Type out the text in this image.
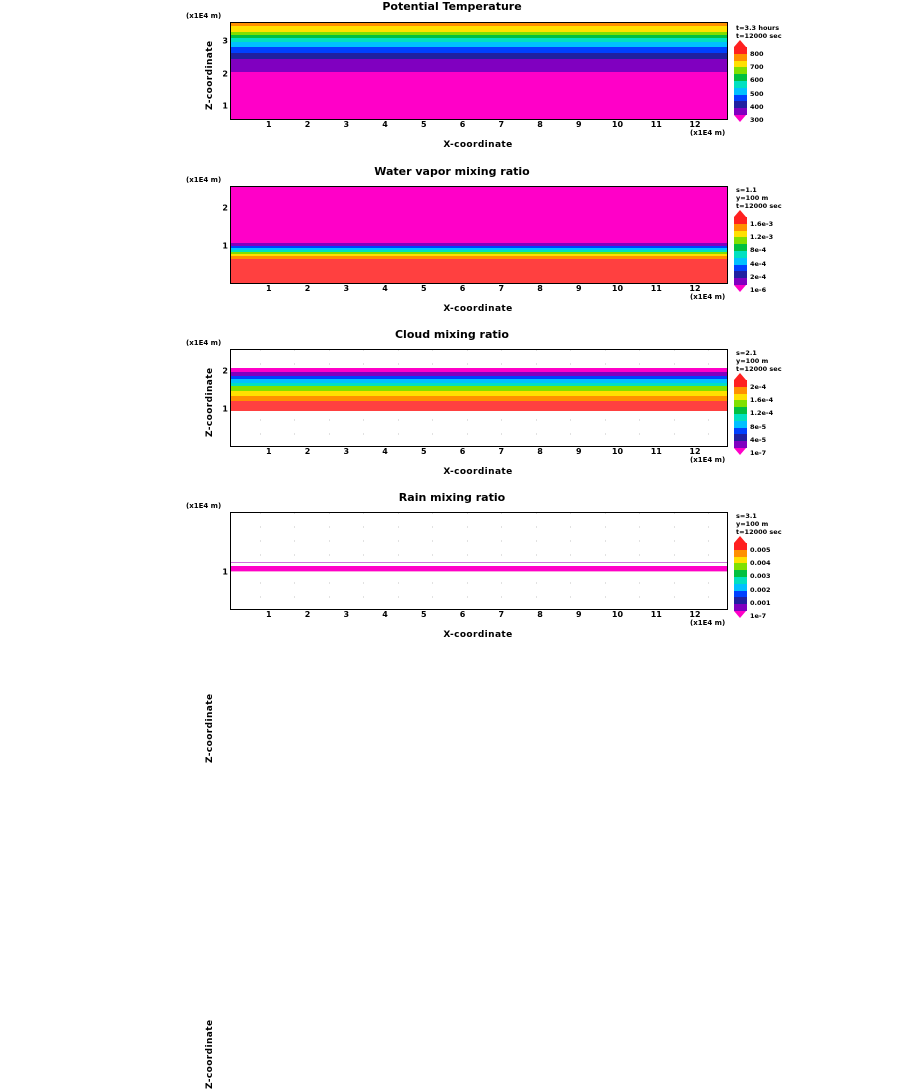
Potential Temperature
(x1E4 m)
Z-coordinate 3
2
1
1	2	3	4	5	6	7	8	9	10	11	12
(x1E4 m)
X-coordinate
t=3.3 hours
t=12000 sec
800
700
600
500
400
300
Water vapor mixing ratio
(x1E4 m)
Z-coordinate
2
1
1	2	3	4	5	6	7	8	9	10	11	12
(x1E4 m)
X-coordinate
s=1.1
y=100 m
t=12000 sec
1.6e-3
1.2e-3
8e-4
4e-4
2e-4
1e-6
Cloud mixing ratio
(x1E4 m)
Z-coordinate
2
1
1	2	3	4	5	6	7	8	9	10	11	12
(x1E4 m)
X-coordinate
s=2.1
y=100 m
t=12000 sec
2e-4
1.6e-4
1.2e-4
8e-5
4e-5
1e-7
Rain mixing ratio
(x1E4 m)
Z-coordinate
1
1	2	3	4	5	6	7	8	9	10	11	12
(x1E4 m)
X-coordinate
s=3.1
y=100 m
t=12000 sec
0.005
0.004
0.003
0.002
0.001
1e-7
